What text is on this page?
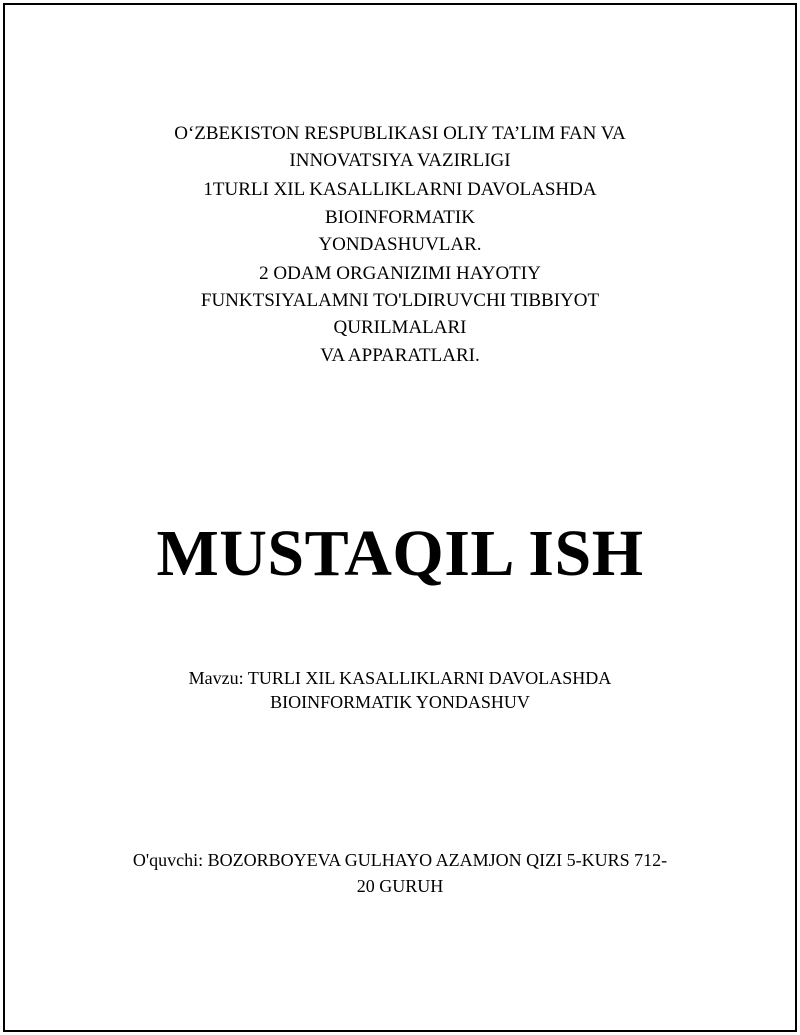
O‘ZBEKISTON RESPUBLIKASI OLIY TA’LIM FAN VA
INNOVATSIYA VAZIRLIGI
1TURLI XIL KASALLIKLARNI DAVOLASHDA
BIOINFORMATIK
YONDASHUVLAR.
2 ODAM ORGANIZIMI HAYOTIY
FUNKTSIYALAMNI TO'LDIRUVCHI TIBBIYOT
QURILMALARI
VA APPARATLARI.
MUSTAQIL ISH
Mavzu: TURLI XIL KASALLIKLARNI DAVOLASHDA
BIOINFORMATIK YONDASHUV
O'quvchi: BOZORBOYEVA GULHAYO AZAMJON QIZI 5-KURS 712-
20 GURUH
